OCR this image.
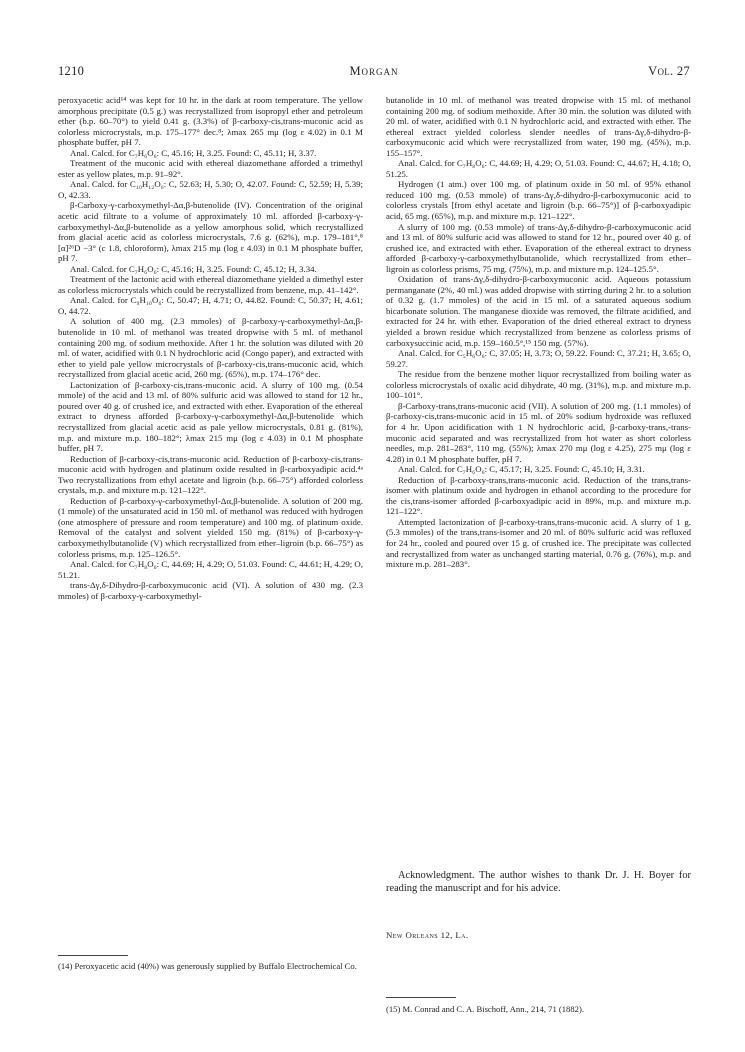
1210	Morgan	Vol. 27

peroxyacetic acid¹⁴ was kept for 10 hr. in the dark at room temperature. The yellow amorphous precipitate (0.5 g.) was recrystallized from isopropyl ether and petroleum ether (b.p. 60–70°) to yield 0.41 g. (3.3%) of β-carboxy-cis,trans-muconic acid as colorless microcrystals, m.p. 175–177° dec.⁸; λmax 265 mμ (log ε 4.02) in 0.1 M phosphate buffer, pH 7.

Anal. Calcd. for C₇H₆O₆: C, 45.16; H, 3.25. Found: C, 45.11; H, 3.37.

Treatment of the muconic acid with ethereal diazomethane afforded a trimethyl ester as yellow plates, m.p. 91–92°.

Anal. Calcd. for C₁₀H₁₂O₆: C, 52.63; H, 5.30; O, 42.07. Found: C, 52.59; H, 5.39; O, 42.33.

β-Carboxy-γ-carboxymethyl-Δα,β-butenolide (IV). Concentration of the original acetic acid filtrate to a volume of approximately 10 ml. afforded β-carboxy-γ-carboxymethyl-Δα,β-butenolide as a yellow amorphous solid, which recrystallized from glacial acetic acid as colorless microcrystals, 7.6 g. (62%), m.p. 179–181°,⁸ [α]²⁶D −3° (c 1.8, chloroform), λmax 215 mμ (log ε 4.03) in 0.1 M phosphate buffer, pH 7.

Anal. Calcd. for C₇H₆O₆: C, 45.16; H, 3.25. Found: C, 45.12; H, 3.34.

Treatment of the lactonic acid with ethereal diazomethane yielded a dimethyl ester as colorless microcrystals which could be recrystallized from benzene, m.p. 41–142°.

Anal. Calcd. for C₉H₁₀O₆: C, 50.47; H, 4.71; O, 44.82. Found: C, 50.37; H, 4.61; O, 44.72.

A solution of 400 mg. (2.3 mmoles) of β-carboxy-γ-carboxymethyl-Δα,β-butenolide in 10 ml. of methanol was treated dropwise with 5 ml. of methanol containing 200 mg. of sodium methoxide. After 1 hr. the solution was diluted with 20 ml. of water, acidified with 0.1 N hydrochloric acid (Congo paper), and extracted with ether to yield pale yellow microcrystals of β-carboxy-cis,trans-muconic acid, which recrystallized from glacial acetic acid, 260 mg. (65%), m.p. 174–176° dec.

Lactonization of β-carboxy-cis,trans-muconic acid. A slurry of 100 mg. (0.54 mmole) of the acid and 13 ml. of 80% sulfuric acid was allowed to stand for 12 hr., poured over 40 g. of crushed ice, and extracted with ether. Evaporation of the ethereal extract to dryness afforded β-carboxy-γ-carboxymethyl-Δα,β-butenolide which recrystallized from glacial acetic acid as pale yellow microcrystals, 0.81 g. (81%), m.p. and mixture m.p. 180–182°; λmax 215 mμ (log ε 4.03) in 0.1 M phosphate buffer, pH 7.

Reduction of β-carboxy-cis,trans-muconic acid. Reduction of β-carboxy-cis,trans-muconic acid with hydrogen and platinum oxide resulted in β-carboxyadipic acid.⁴ᵃ Two recrystallizations from ethyl acetate and ligroin (b.p. 66–75°) afforded colorless crystals, m.p. and mixture m.p. 121–122°.

Reduction of β-carboxy-γ-carboxymethyl-Δα,β-butenolide. A solution of 200 mg. (1 mmole) of the unsaturated acid in 150 ml. of methanol was reduced with hydrogen (one atmosphere of pressure and room temperature) and 100 mg. of platinum oxide. Removal of the catalyst and solvent yielded 150 mg. (81%) of β-carboxy-γ-carboxymethylbutanolide (V) which recrystallized from ether–ligroin (b.p. 66–75°) as colorless prisms, m.p. 125–126.5°.

Anal. Calcd. for C₇H₈O₆: C, 44.69; H, 4.29; O, 51.03. Found: C, 44.61; H, 4.29; O, 51.21.

trans-Δγ,δ-Dihydro-β-carboxymuconic acid (VI). A solution of 430 mg. (2.3 mmoles) of β-carboxy-γ-carboxymethyl-

butanolide in 10 ml. of methanol was treated dropwise with 15 ml. of methanol containing 200 mg. of sodium methoxide. After 30 min. the solution was diluted with 20 ml. of water, acidified with 0.1 N hydrochloric acid, and extracted with ether. The ethereal extract yielded colorless slender needles of trans-Δγ,δ-dihydro-β-carboxymuconic acid which were recrystallized from water, 190 mg. (45%), m.p. 155–157°.

Anal. Calcd. for C₇H₈O₆: C, 44.69; H, 4.29; O, 51.03. Found: C, 44.67; H, 4.18; O, 51.25.

Hydrogen (1 atm.) over 100 mg. of platinum oxide in 50 ml. of 95% ethanol reduced 100 mg. (0.53 mmole) of trans-Δγ,δ-dihydro-β-carboxymuconic acid to colorless crystals [from ethyl acetate and ligroin (b.p. 66–75°)] of β-carboxyadipic acid, 65 mg. (65%), m.p. and mixture m.p. 121–122°.

A slurry of 100 mg. (0.53 mmole) of trans-Δγ,δ-dihydro-β-carboxymuconic acid and 13 ml. of 80% sulfuric acid was allowed to stand for 12 hr., poured over 40 g. of crushed ice, and extracted with ether. Evaporation of the ethereal extract to dryness afforded β-carboxy-γ-carboxymethylbutanolide, which recrystallized from ether–ligroin as colorless prisms, 75 mg. (75%), m.p. and mixture m.p. 124–125.5°.

Oxidation of trans-Δγ,δ-dihydro-β-carboxymuconic acid. Aqueous potassium permanganate (2%, 40 ml.) was added dropwise with stirring during 2 hr. to a solution of 0.32 g. (1.7 mmoles) of the acid in 15 ml. of a saturated aqueous sodium bicarbonate solution. The manganese dioxide was removed, the filtrate acidified, and extracted for 24 hr. with ether. Evaporation of the dried ethereal extract to dryness yielded a brown residue which recrystallized from benzene as colorless prisms of carboxysuccinic acid, m.p. 159–160.5°,¹⁵ 150 mg. (57%).

Anal. Calcd. for C₅H₆O₆: C, 37.05; H, 3.73; O, 59.22. Found: C, 37.21; H, 3.65; O, 59.27.

The residue from the benzene mother liquor recrystallized from boiling water as colorless microcrystals of oxalic acid dihydrate, 40 mg. (31%), m.p. and mixture m.p. 100–101°.

β-Carboxy-trans,trans-muconic acid (VII). A solution of 200 mg. (1.1 mmoles) of β-carboxy-cis,trans-muconic acid in 15 ml. of 20% sodium hydroxide was refluxed for 4 hr. Upon acidification with 1 N hydrochloric acid, β-carboxy-trans,-trans-muconic acid separated and was recrystallized from hot water as short colorless needles, m.p. 281–283°, 110 mg. (55%); λmax 270 mμ (log ε 4.25), 275 mμ (log ε 4.28) in 0.1 M phosphate buffer, pH 7.

Anal. Calcd. for C₇H₆O₆: C, 45.17; H, 3.25. Found: C, 45.10; H, 3.31.

Reduction of β-carboxy-trans,trans-muconic acid. Reduction of the trans,trans-isomer with platinum oxide and hydrogen in ethanol according to the procedure for the cis,trans-isomer afforded β-carboxyadipic acid in 89%, m.p. and mixture m.p. 121–122°.

Attempted lactonization of β-carboxy-trans,trans-muconic acid. A slurry of 1 g. (5.3 mmoles) of the trans,trans-isomer and 20 ml. of 80% sulfuric acid was refluxed for 24 hr., cooled and poured over 15 g. of crushed ice. The precipitate was collected and recrystallized from water as unchanged starting material, 0.76 g. (76%), m.p. and mixture m.p. 281–283°.

Acknowledgment. The author wishes to thank Dr. J. H. Boyer for reading the manuscript and for his advice.
New Orleans 12, La.
(14) Peroxyacetic acid (40%) was generously supplied by Buffalo Electrochemical Co.
(15) M. Conrad and C. A. Bischoff, Ann., 214, 71 (1882).
